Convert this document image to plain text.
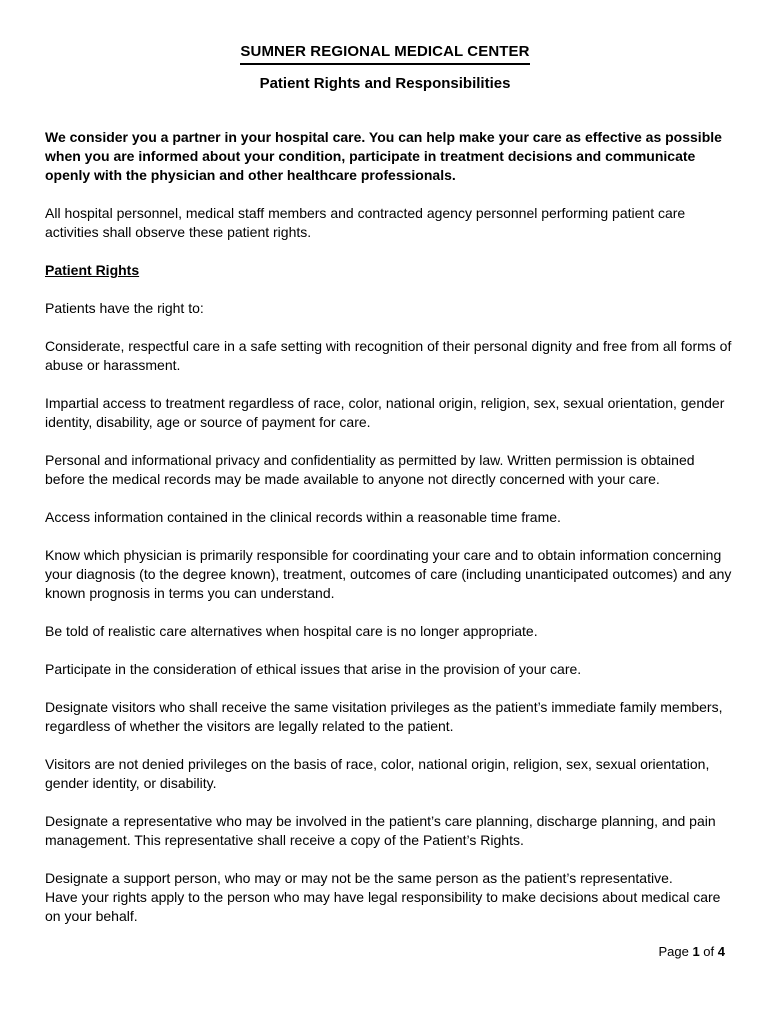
SUMNER REGIONAL MEDICAL CENTER
Patient Rights and Responsibilities

We consider you a partner in your hospital care. You can help make your care as effective as possible when you are informed about your condition, participate in treatment decisions and communicate openly with the physician and other healthcare professionals.

All hospital personnel, medical staff members and contracted agency personnel performing patient care activities shall observe these patient rights.

Patient Rights

Patients have the right to:

Considerate, respectful care in a safe setting with recognition of their personal dignity and free from all forms of abuse or harassment.

Impartial access to treatment regardless of race, color, national origin, religion, sex, sexual orientation, gender identity, disability, age or source of payment for care.

Personal and informational privacy and confidentiality as permitted by law. Written permission is obtained before the medical records may be made available to anyone not directly concerned with your care.

Access information contained in the clinical records within a reasonable time frame.

Know which physician is primarily responsible for coordinating your care and to obtain information concerning your diagnosis (to the degree known), treatment, outcomes of care (including unanticipated outcomes) and any known prognosis in terms you can understand.

Be told of realistic care alternatives when hospital care is no longer appropriate.

Participate in the consideration of ethical issues that arise in the provision of your care.

Designate visitors who shall receive the same visitation privileges as the patient’s immediate family members, regardless of whether the visitors are legally related to the patient.

Visitors are not denied privileges on the basis of race, color, national origin, religion, sex, sexual orientation, gender identity, or disability.

Designate a representative who may be involved in the patient’s care planning, discharge planning, and pain management. This representative shall receive a copy of the Patient’s Rights.

Designate a support person, who may or may not be the same person as the patient’s representative.
Have your rights apply to the person who may have legal responsibility to make decisions about medical care on your behalf.

Page 1 of 4
